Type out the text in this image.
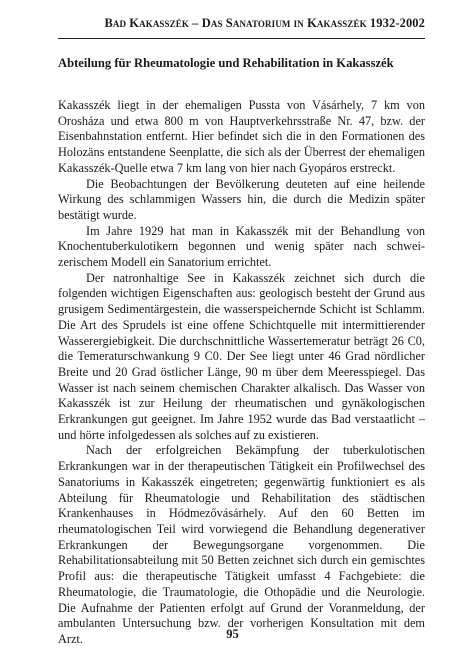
Bad Kakasszék – Das Sanatorium in Kakasszék 1932-2002
Abteilung für Rheumatologie und Rehabilitation in Kakasszék

Kakasszék liegt in der ehemaligen Pussta von Vásárhely, 7 km von Orosháza und etwa 800 m von Hauptverkehrsstraße Nr. 47, bzw. der Eisenbahnstation entfernt. Hier befindet sich die in den Formationen des Holozäns entstandene Seenplatte, die sich als der Überrest der ehemaligen Kakasszék-Quelle etwa 7 km lang von hier nach Gyopáros erstreckt.

Die Beobachtungen der Bevölkerung deuteten auf eine heilende Wirkung des schlammigen Wassers hin, die durch die Medizin später bestätigt wurde.

Im Jahre 1929 hat man in Kakasszék mit der Behandlung von Knochentuberkulotikern begonnen und wenig später nach schweizerischem Modell ein Sanatorium errichtet.

Der natronhaltige See in Kakasszék zeichnet sich durch die folgenden wichtigen Eigenschaften aus: geologisch besteht der Grund aus grusigem Sedimentärgestein, die wasserspeichernde Schicht ist Schlamm. Die Art des Sprudels ist eine offene Schichtquelle mit intermittierender Wasserergiebigkeit. Die durchschnittliche Wassertemeratur beträgt 26 C0, die Temeraturschwankung 9 C0. Der See liegt unter 46 Grad nördlicher Breite und 20 Grad östlicher Länge, 90 m über dem Meeresspiegel. Das Wasser ist nach seinem chemischen Charakter alkalisch. Das Wasser von Kakasszék ist zur Heilung der rheumatischen und gynäkologischen Erkrankungen gut geeignet. Im Jahre 1952 wurde das Bad verstaatlicht – und hörte infolgedessen als solches auf zu existieren.

Nach der erfolgreichen Bekämpfung der tuberkulotischen Erkrankungen war in der therapeutischen Tätigkeit ein Profilwechsel des Sanatoriums in Kakasszék eingetreten; gegenwärtig funktioniert es als Abteilung für Rheumatologie und Rehabilitation des städtischen Krankenhauses in Hódmezővásárhely. Auf den 60 Betten im rheumatologischen Teil wird vorwiegend die Behandlung degenerativer Erkrankungen der Bewegungsorgane vorgenommen. Die Rehabilitationsabteilung mit 50 Betten zeichnet sich durch ein gemischtes Profil aus: die therapeutische Tätigkeit umfasst 4 Fachgebiete: die Rheumatologie, die Traumatologie, die Othopädie und die Neurologie. Die Aufnahme der Patienten erfolgt auf Grund der Voranmeldung, der ambulanten Untersuchung bzw. der vorherigen Konsultation mit dem Arzt.	95
